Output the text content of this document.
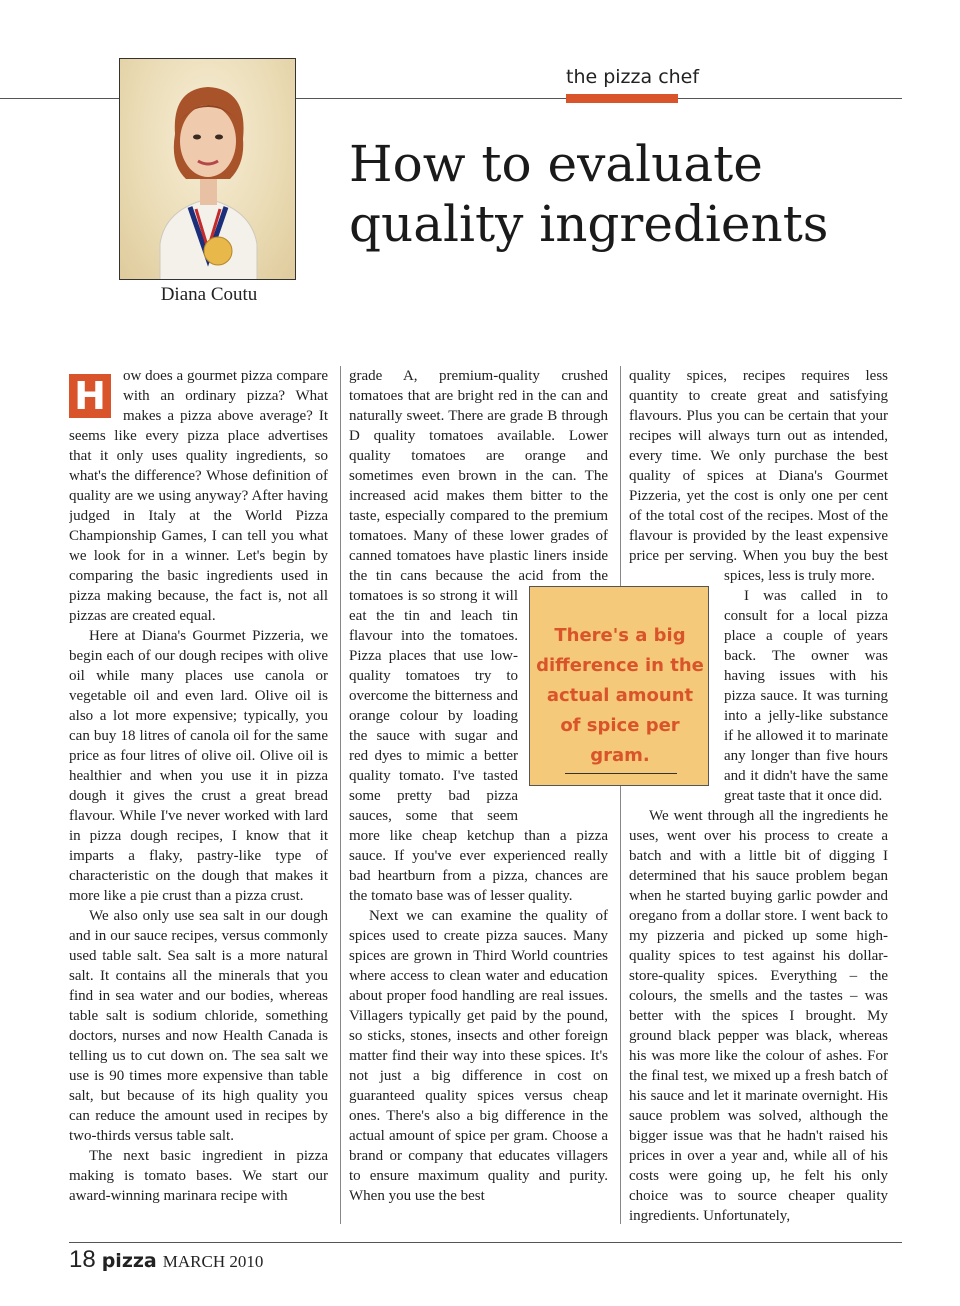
the pizza chef
Diana Coutu
How to evaluate
quality ingredients
H	ow does a gourmet pizza compare with an ordinary pizza? What makes a pizza above average? It seems like every pizza place advertises that it only uses quality ingredients, so what's the difference? Whose definition of quality are we using anyway? After having judged in Italy at the World Pizza Championship Games, I can tell you what we look for in a winner. Let's begin by comparing the basic ingredients used in pizza making because, the fact is, not all pizzas are created equal.

Here at Diana's Gourmet Pizzeria, we begin each of our dough recipes with olive oil while many places use canola or vegetable oil and even lard. Olive oil is also a lot more expensive; typically, you can buy 18 litres of canola oil for the same price as four litres of olive oil. Olive oil is healthier and when you use it in pizza dough it gives the crust a great bread flavour. While I've never worked with lard in pizza dough recipes, I know that it imparts a flaky, pastry-like type of characteristic on the dough that makes it more like a pie crust than a pizza crust.

We also only use sea salt in our dough and in our sauce recipes, versus commonly used table salt. Sea salt is a more natural salt. It contains all the minerals that you find in sea water and our bodies, whereas table salt is sodium chloride, something doctors, nurses and now Health Canada is telling us to cut down on. The sea salt we use is 90 times more expensive than table salt, but because of its high quality you can reduce the amount used in recipes by two-thirds versus table salt.

The next basic ingredient in pizza making is tomato bases. We start our award-winning marinara recipe with

grade A, premium-quality crushed tomatoes that are bright red in the can and naturally sweet. There are grade B through D quality tomatoes available. Lower quality tomatoes are orange and sometimes even brown in the can. The increased acid makes them bitter to the taste, especially compared to the premium tomatoes. Many of these lower grades of canned tomatoes have plastic liners inside the tin cans because the acid from the tomatoes is so strong it will eat the tin and leach tin flavour into the tomatoes. Pizza places that use low-quality tomatoes try to overcome the bitterness and orange colour by loading the sauce with sugar and red dyes to mimic a better quality tomato. I've tasted some pretty bad pizza sauces, some that seem more like cheap ketchup than a pizza sauce. If you've ever experienced really bad heartburn from a pizza, chances are the tomato base was of lesser quality.

Next we can examine the quality of spices used to create pizza sauces. Many spices are grown in Third World countries where access to clean water and education about proper food handling are real issues. Villagers typically get paid by the pound, so sticks, stones, insects and other foreign matter find their way into these spices. It's not just a big difference in cost on guaranteed quality spices versus cheap ones. There's also a big difference in the actual amount of spice per gram. Choose a brand or company that educates villagers to ensure maximum quality and purity. When you use the best

quality spices, recipes requires less quantity to create great and satisfying flavours. Plus you can be certain that your recipes will always turn out as intended, every time. We only purchase the best quality of spices at Diana's Gourmet Pizzeria, yet the cost is only one per cent of the total cost of the recipes. Most of the flavour is provided by the least expensive price per serving. When you buy the best spices, less is truly more.

I was called in to consult for a local pizza place a couple of years back. The owner was having issues with his pizza sauce. It was turning into a jelly-like substance if he allowed it to marinate any longer than five hours and it didn't have the same great taste that it once did.

We went through all the ingredients he uses, went over his process to create a batch and with a little bit of digging I determined that his sauce problem began when he started buying garlic powder and oregano from a dollar store. I went back to my pizzeria and picked up some high-quality spices to test against his dollar-store-quality spices. Everything – the colours, the smells and the tastes – was better with the spices I brought. My ground black pepper was black, whereas his was more like the colour of ashes. For the final test, we mixed up a fresh batch of his sauce and let it marinate overnight. His sauce problem was solved, although the bigger issue was that he hadn't raised his prices in over a year and, while all of his costs were going up, he felt his only choice was to source cheaper quality ingredients. Unfortunately,

There's a big difference in the actual amount of spice per gram.
18 pizza MARCH 2010
